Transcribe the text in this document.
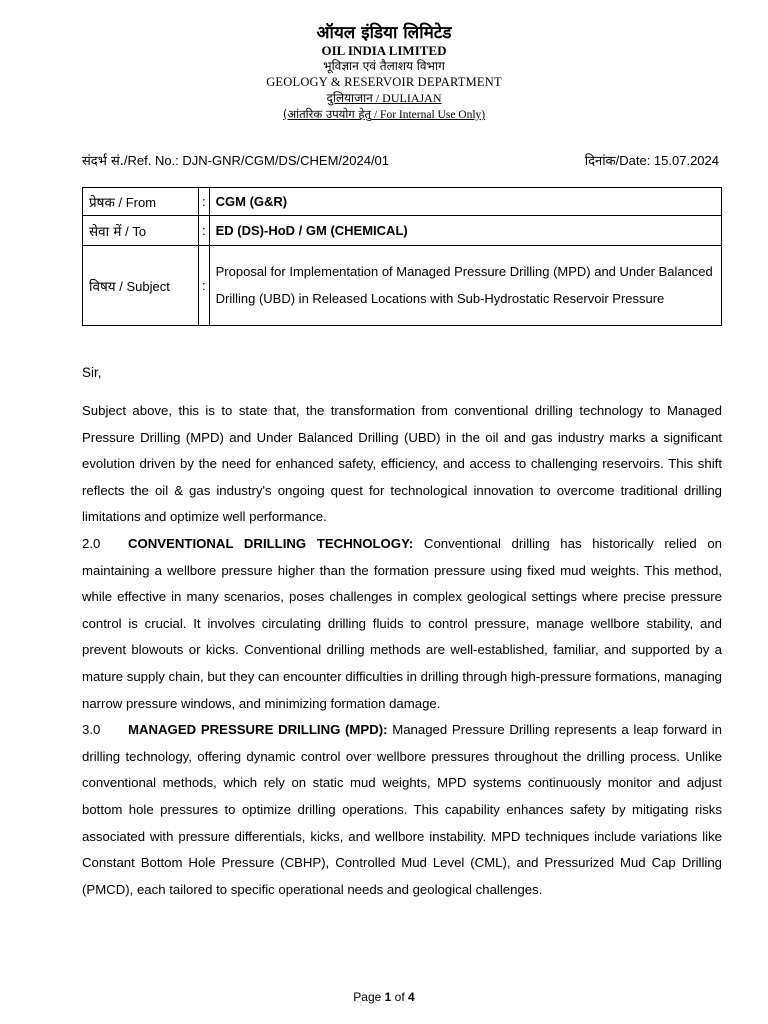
ऑयल इंडिया लिमिटेड
OIL INDIA LIMITED
भूविज्ञान एवं तैलाशय विभाग
GEOLOGY & RESERVOIR DEPARTMENT
दुलियाजान / DULIAJAN
(आंतरिक उपयोग हेतु / For Internal Use Only)
संदर्भ सं./Ref. No.: DJN-GNR/CGM/DS/CHEM/2024/01	दिनांक/Date: 15.07.2024
प्रेषक / From	:	CGM (G&R)
सेवा में / To	:	ED (DS)-HoD / GM (CHEMICAL)
विषय / Subject	:	Proposal for Implementation of Managed Pressure Drilling (MPD) and Under Balanced Drilling (UBD) in Released Locations with Sub-Hydrostatic Reservoir Pressure
Sir,

Subject above, this is to state that, the transformation from conventional drilling technology to Managed Pressure Drilling (MPD) and Under Balanced Drilling (UBD) in the oil and gas industry marks a significant evolution driven by the need for enhanced safety, efficiency, and access to challenging reservoirs. This shift reflects the oil & gas industry's ongoing quest for technological innovation to overcome traditional drilling limitations and optimize well performance.

2.0 CONVENTIONAL DRILLING TECHNOLOGY: Conventional drilling has historically relied on maintaining a wellbore pressure higher than the formation pressure using fixed mud weights. This method, while effective in many scenarios, poses challenges in complex geological settings where precise pressure control is crucial. It involves circulating drilling fluids to control pressure, manage wellbore stability, and prevent blowouts or kicks. Conventional drilling methods are well-established, familiar, and supported by a mature supply chain, but they can encounter difficulties in drilling through high-pressure formations, managing narrow pressure windows, and minimizing formation damage.

3.0 MANAGED PRESSURE DRILLING (MPD): Managed Pressure Drilling represents a leap forward in drilling technology, offering dynamic control over wellbore pressures throughout the drilling process. Unlike conventional methods, which rely on static mud weights, MPD systems continuously monitor and adjust bottom hole pressures to optimize drilling operations. This capability enhances safety by mitigating risks associated with pressure differentials, kicks, and wellbore instability. MPD techniques include variations like Constant Bottom Hole Pressure (CBHP), Controlled Mud Level (CML), and Pressurized Mud Cap Drilling (PMCD), each tailored to specific operational needs and geological challenges.

Page 1 of 4
